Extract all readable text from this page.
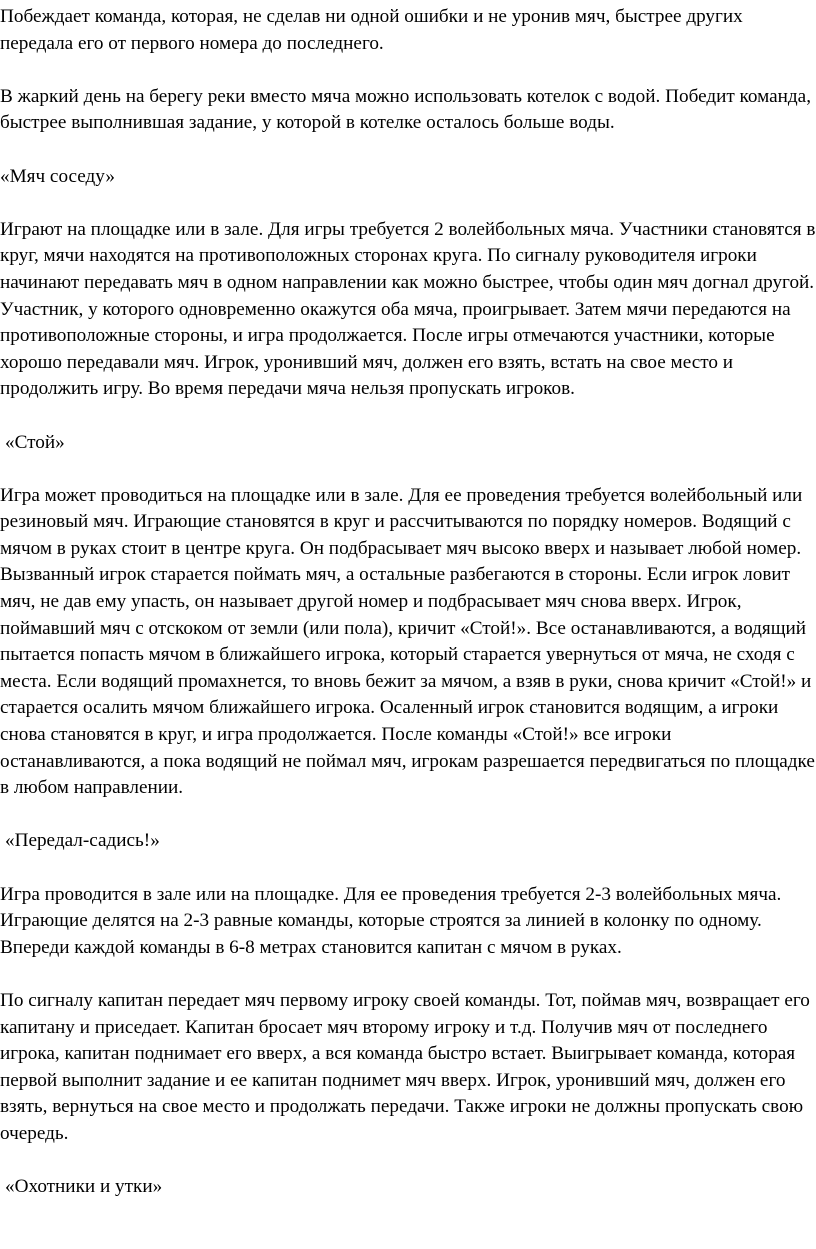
Побеждает команда, которая, не сделав ни одной ошибки и не уронив мяч, быстрее других передала его от первого номера до последнего.

В жаркий день на берегу реки вместо мяча можно использовать котелок с водой. Победит команда, быстрее выполнившая задание, у которой в котелке осталось больше воды.

«Мяч соседу»

Играют на площадке или в зале. Для игры требуется 2 волейбольных мяча. Участники становятся в круг, мячи находятся на противоположных сторонах круга. По сигналу руководителя игроки начинают передавать мяч в одном направлении как можно быстрее, чтобы один мяч догнал другой. Участник, у которого одновременно окажутся оба мяча, проигрывает. Затем мячи передаются на противоположные стороны, и игра продолжается. После игры отмечаются участники, которые хорошо передавали мяч. Игрок, уронивший мяч, должен его взять, встать на свое место и продолжить игру. Во время передачи мяча нельзя пропускать игроков.

«Стой»

Игра может проводиться на площадке или в зале. Для ее проведения требуется волейбольный или резиновый мяч. Играющие становятся в круг и рассчитываются по порядку номеров. Водящий с мячом в руках стоит в центре круга. Он подбрасывает мяч высоко вверх и называет любой номер. Вызванный игрок старается поймать мяч, а остальные разбегаются в стороны. Если игрок ловит мяч, не дав ему упасть, он называет другой номер и подбрасывает мяч снова вверх. Игрок, поймавший мяч с отскоком от земли (или пола), кричит «Стой!». Все останавливаются, а водящий пытается попасть мячом в ближайшего игрока, который старается увернуться от мяча, не сходя с места. Если водящий промахнется, то вновь бежит за мячом, а взяв в руки, снова кричит «Стой!» и старается осалить мячом ближайшего игрока. Осаленный игрок становится водящим, а игроки снова становятся в круг, и игра продолжается. После команды «Стой!» все игроки останавливаются, а пока водящий не поймал мяч, игрокам разрешается передвигаться по площадке в любом направлении.

«Передал-садись!»

Игра проводится в зале или на площадке. Для ее проведения требуется 2-3 волейбольных мяча. Играющие делятся на 2-3 равные команды, которые строятся за линией в колонку по одному. Впереди каждой команды в 6-8 метрах становится капитан с мячом в руках.

По сигналу капитан передает мяч первому игроку своей команды. Тот, поймав мяч, возвращает его капитану и приседает. Капитан бросает мяч второму игроку и т.д. Получив мяч от последнего игрока, капитан поднимает его вверх, а вся команда быстро встает. Выигрывает команда, которая первой выполнит задание и ее капитан поднимет мяч вверх. Игрок, уронивший мяч, должен его взять, вернуться на свое место и продолжать передачи. Также игроки не должны пропускать свою очередь.

«Охотники и утки»
